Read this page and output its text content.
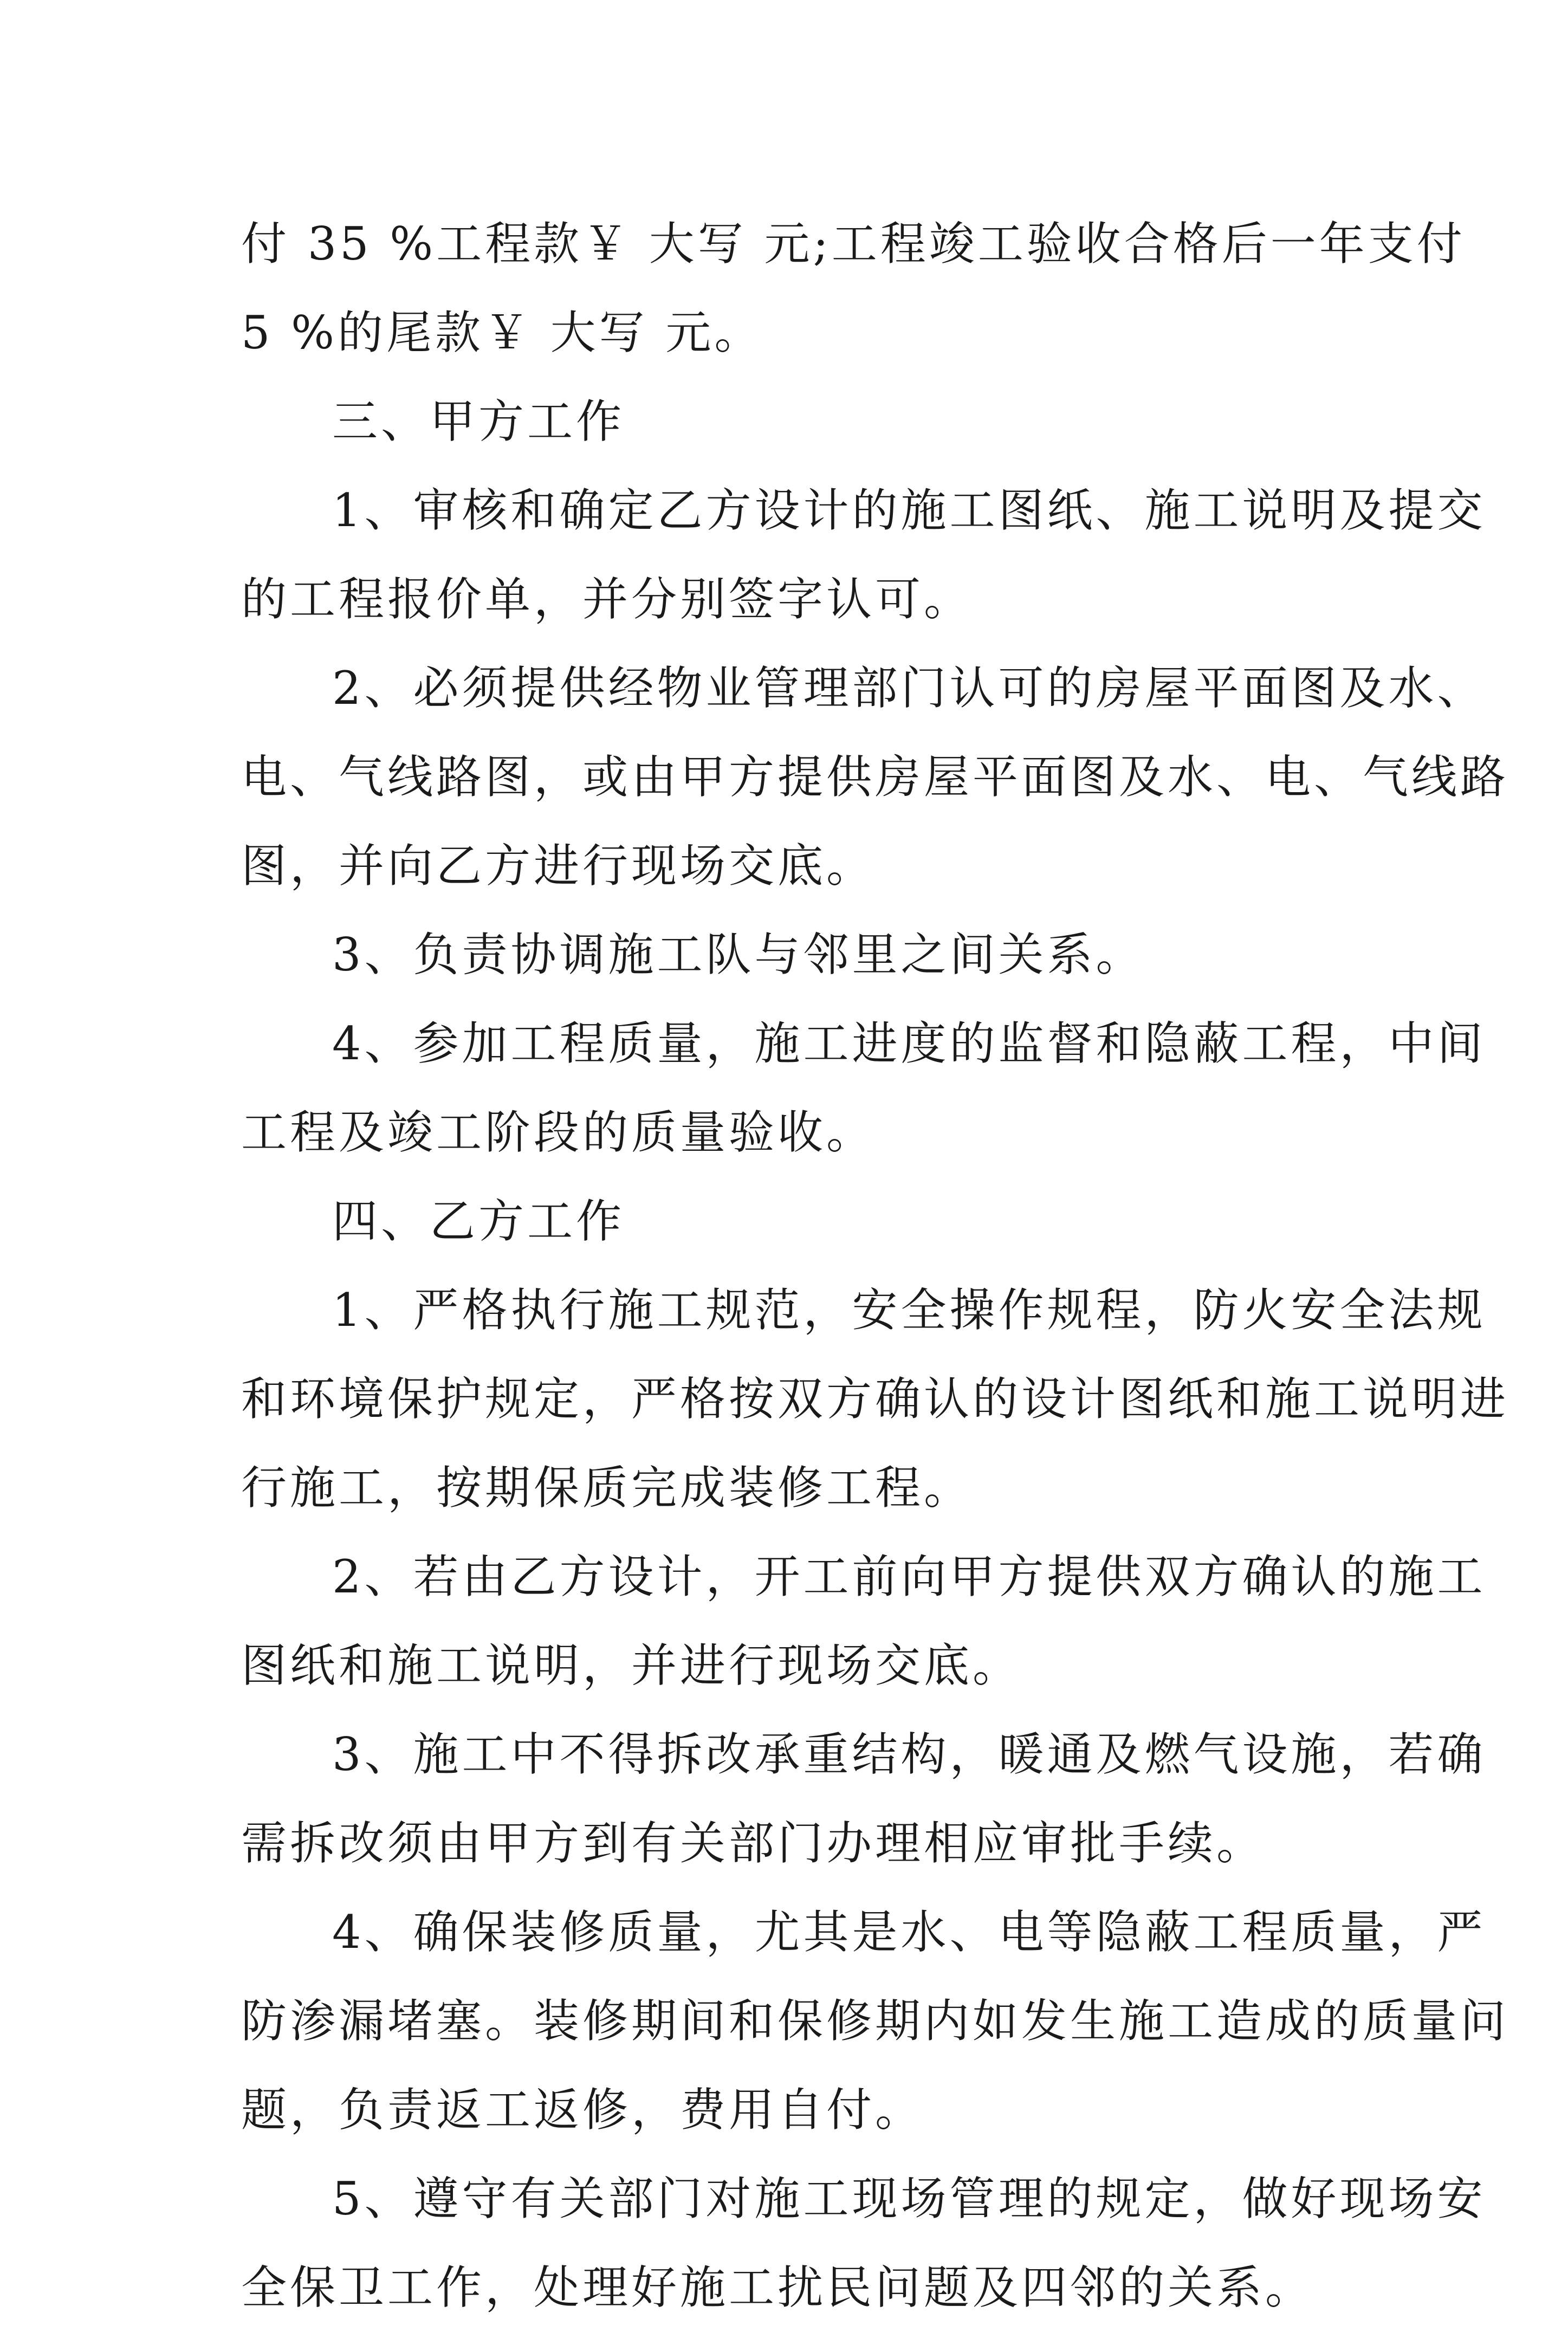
付 35 %工程款￥ 大写 元;工程竣工验收合格后一年支付
5 %的尾款￥ 大写 元。

三、甲方工作

1、审核和确定乙方设计的施工图纸、施工说明及提交
的工程报价单，并分别签字认可。

2、必须提供经物业管理部门认可的房屋平面图及水、
电、气线路图，或由甲方提供房屋平面图及水、电、气线路
图，并向乙方进行现场交底。

3、负责协调施工队与邻里之间关系。

4、参加工程质量，施工进度的监督和隐蔽工程，中间
工程及竣工阶段的质量验收。

四、乙方工作

1、严格执行施工规范，安全操作规程，防火安全法规
和环境保护规定，严格按双方确认的设计图纸和施工说明进
行施工，按期保质完成装修工程。

2、若由乙方设计，开工前向甲方提供双方确认的施工
图纸和施工说明，并进行现场交底。

3、施工中不得拆改承重结构，暖通及燃气设施，若确
需拆改须由甲方到有关部门办理相应审批手续。

4、确保装修质量，尤其是水、电等隐蔽工程质量，严
防渗漏堵塞。装修期间和保修期内如发生施工造成的质量问
题，负责返工返修，费用自付。

5、遵守有关部门对施工现场管理的规定，做好现场安
全保卫工作，处理好施工扰民问题及四邻的关系。
